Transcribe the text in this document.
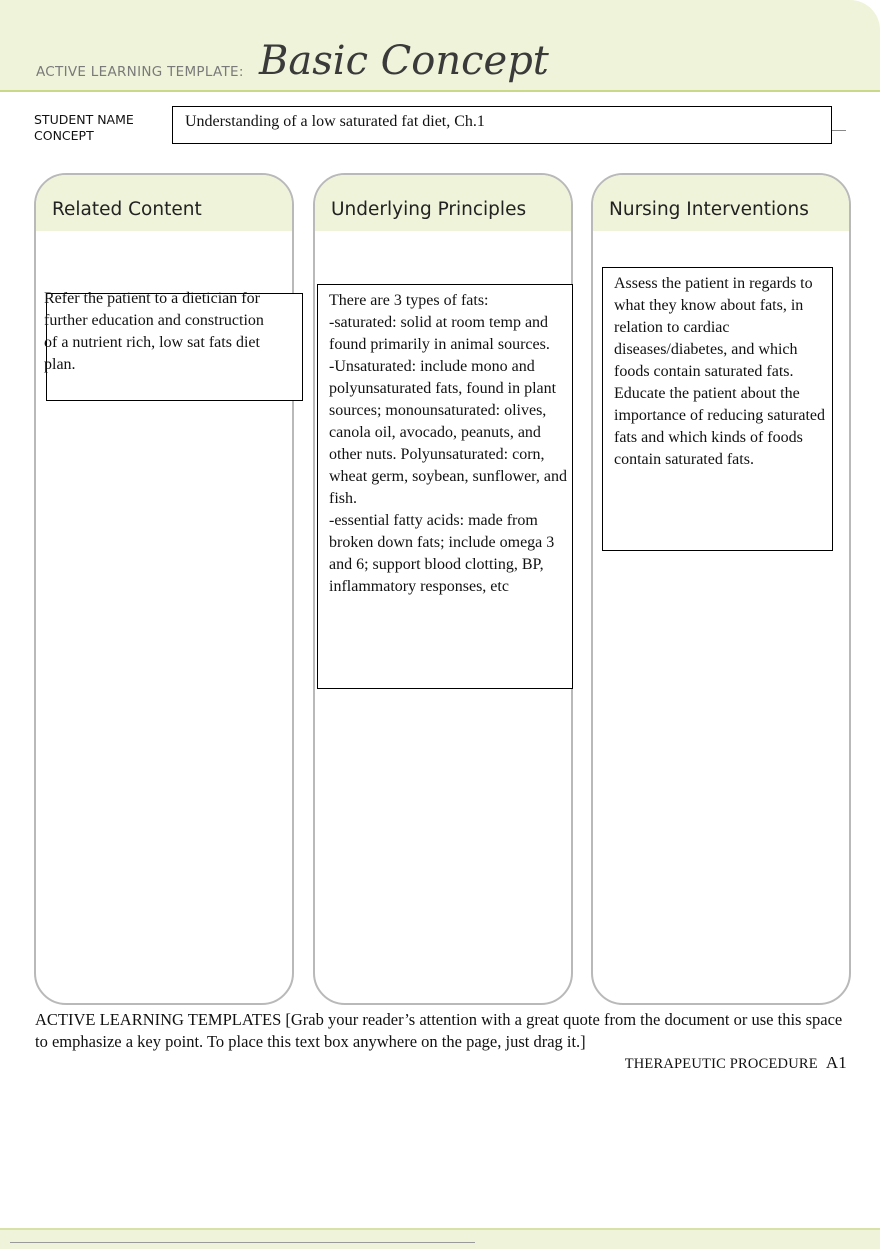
ACTIVE LEARNING TEMPLATE: Basic Concept
STUDENT NAME
CONCEPT
Understanding of a low saturated fat diet, Ch.1
Related Content
Refer the patient to a dietician for further education and construction of a nutrient rich, low sat fats diet plan.
Underlying Principles
There are 3 types of fats:
-saturated: solid at room temp and found primarily in animal sources.
-Unsaturated: include mono and polyunsaturated fats, found in plant sources; monounsaturated: olives, canola oil, avocado, peanuts, and other nuts. Polyunsaturated: corn, wheat germ, soybean, sunflower, and fish.
-essential fatty acids: made from broken down fats; include omega 3 and 6; support blood clotting, BP, inflammatory responses, etc
Nursing Interventions
Assess the patient in regards to what they know about fats, in relation to cardiac diseases/diabetes, and which foods contain saturated fats. Educate the patient about the importance of reducing saturated fats and which kinds of foods contain saturated fats.
ACTIVE LEARNING TEMPLATES [Grab your reader’s attention with a great quote from the document or use this space to emphasize a key point. To place this text box anywhere on the page, just drag it.]
THERAPEUTIC PROCEDURE A1
